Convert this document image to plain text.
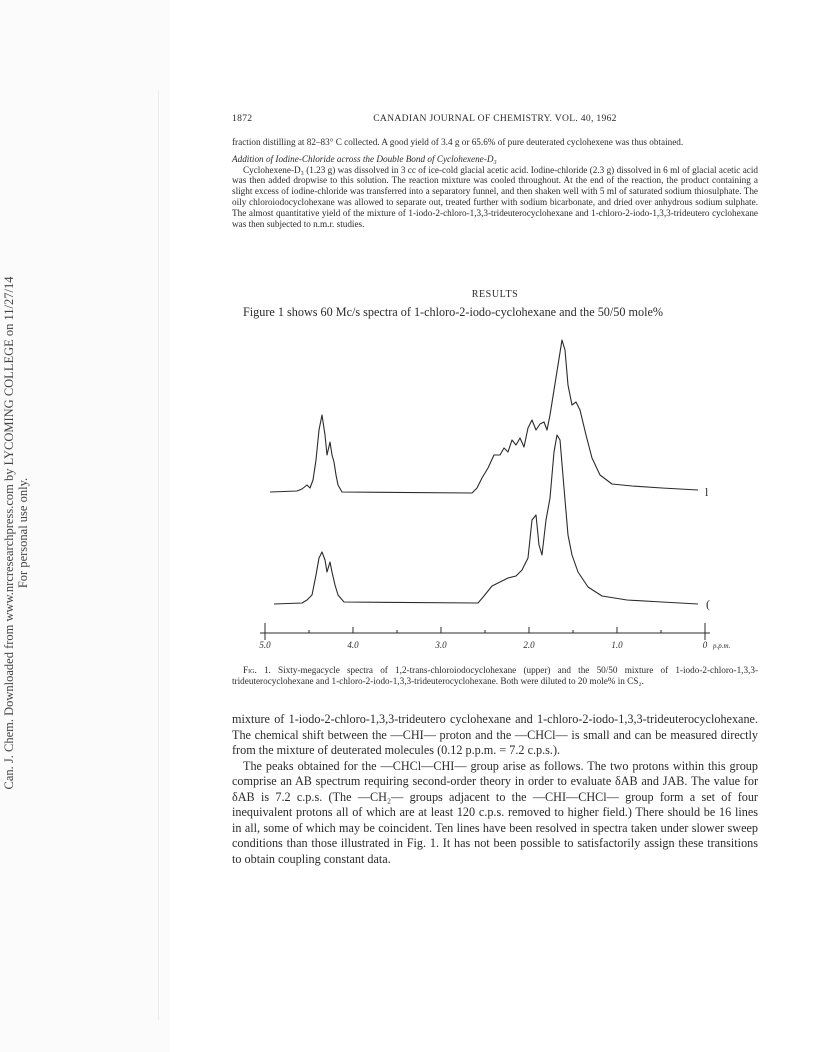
Can. J. Chem. Downloaded from www.nrcresearchpress.com by LYCOMING COLLEGE on 11/27/14 For personal use only.
1872	CANADIAN JOURNAL OF CHEMISTRY. VOL. 40, 1962

fraction distilling at 82–83° C collected. A good yield of 3.4 g or 65.6% of pure deuterated cyclohexene was thus obtained.

Addition of Iodine-Chloride across the Double Bond of Cyclohexene-D₃

Cyclohexene-D₃ (1.23 g) was dissolved in 3 cc of ice-cold glacial acetic acid. Iodine-chloride (2.3 g) dissolved in 6 ml of glacial acetic acid was then added dropwise to this solution. The reaction mixture was cooled throughout. At the end of the reaction, the product containing a slight excess of iodine-chloride was transferred into a separatory funnel, and then shaken well with 5 ml of saturated sodium thiosulphate. The oily chloroiodocyclohexane was allowed to separate out, treated further with sodium bicarbonate, and dried over anhydrous sodium sulphate. The almost quantitative yield of the mixture of 1-iodo-2-chloro-1,3,3-trideuterocyclohexane and 1-chloro-2-iodo-1,3,3-trideutero cyclohexane was then subjected to n.m.r. studies.

RESULTS

Figure 1 shows 60 Mc/s spectra of 1-chloro-2-iodo-cyclohexane and the 50/50 mole%

5.0	4.0	3.0	2.0	1.0	0 p.p.m.
l
(
Fig. 1. Sixty-megacycle spectra of 1,2-trans-chloroiodocyclohexane (upper) and the 50/50 mixture of 1-iodo-2-chloro-1,3,3-trideuterocyclohexane and 1-chloro-2-iodo-1,3,3-trideuterocyclohexane. Both were diluted to 20 mole% in CS₂.

mixture of 1-iodo-2-chloro-1,3,3-trideutero cyclohexane and 1-chloro-2-iodo-1,3,3-trideuterocyclohexane. The chemical shift between the —CHI— proton and the —CHCl— is small and can be measured directly from the mixture of deuterated molecules (0.12 p.p.m. = 7.2 c.p.s.).

The peaks obtained for the —CHCl—CHI— group arise as follows. The two protons within this group comprise an AB spectrum requiring second-order theory in order to evaluate δAB and JAB. The value for δAB is 7.2 c.p.s. (The —CH₂— groups adjacent to the —CHI—CHCl— group form a set of four inequivalent protons all of which are at least 120 c.p.s. removed to higher field.) There should be 16 lines in all, some of which may be coincident. Ten lines have been resolved in spectra taken under slower sweep conditions than those illustrated in Fig. 1. It has not been possible to satisfactorily assign these transitions to obtain coupling constant data.
